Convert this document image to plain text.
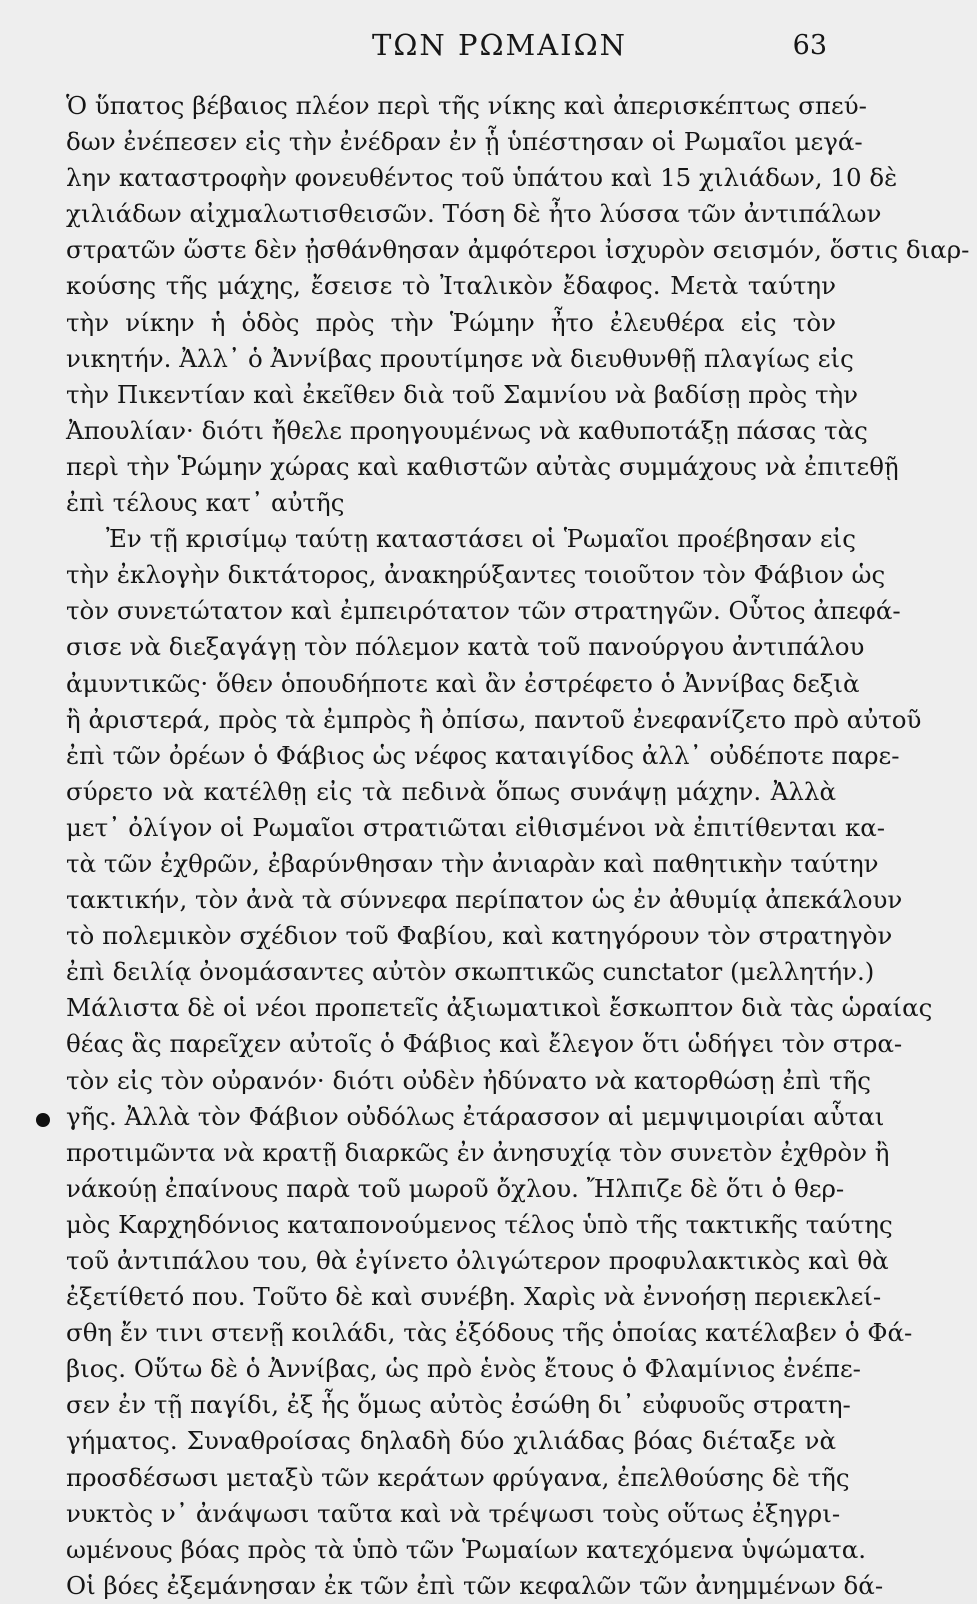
ΤΩΝ ΡΩΜΑΙΩΝ	63
Ὁ ὕπατος βέβαιος πλέον περὶ τῆς νίκης καὶ ἀπερισκέπτως σπεύ-
δων ἐνέπεσεν εἰς τὴν ἐνέδραν ἐν ᾗ ὑπέστησαν οἱ Ρωμαῖοι μεγά-
λην καταστροφὴν φονευθέντος τοῦ ὑπάτου καὶ 15 χιλιάδων, 10 δὲ
χιλιάδων αἰχμαλωτισθεισῶν. Τόση δὲ ἦτο λύσσα τῶν ἀντιπάλων
στρατῶν ὥστε δὲν ᾐσθάνθησαν ἀμφότεροι ἰσχυρὸν σεισμόν, ὅστις διαρ-
κούσης τῆς μάχης, ἔσεισε τὸ Ἰταλικὸν ἔδαφος. Μετὰ ταύτην
τὴν νίκην ἡ ὁδὸς πρὸς τὴν Ῥώμην ἦτο ἐλευθέρα εἰς τὸν
νικητήν. Ἀλλ᾽ ὁ Ἀννίβας προυτίμησε νὰ διευθυνθῇ πλαγίως εἰς
τὴν Πικεντίαν καὶ ἐκεῖθεν διὰ τοῦ Σαμνίου νὰ βαδίσῃ πρὸς τὴν
Ἀπουλίαν· διότι ἤθελε προηγουμένως νὰ καθυποτάξῃ πάσας τὰς
περὶ τὴν Ῥώμην χώρας καὶ καθιστῶν αὐτὰς συμμάχους νὰ ἐπιτεθῇ
ἐπὶ τέλους κατ᾽ αὐτῆς
Ἐν τῇ κρισίμῳ ταύτῃ καταστάσει οἱ Ῥωμαῖοι προέβησαν εἰς
τὴν ἐκλογὴν δικτάτορος, ἀνακηρύξαντες τοιοῦτον τὸν Φάβιον ὡς
τὸν συνετώτατον καὶ ἐμπειρότατον τῶν στρατηγῶν. Οὗτος ἀπεφά-
σισε νὰ διεξαγάγῃ τὸν πόλεμον κατὰ τοῦ πανούργου ἀντιπάλου
ἀμυντικῶς· ὅθεν ὁπουδήποτε καὶ ἂν ἐστρέφετο ὁ Ἀννίβας δεξιὰ
ἢ ἀριστερά, πρὸς τὰ ἐμπρὸς ἢ ὀπίσω, παντοῦ ἐνεφανίζετο πρὸ αὐτοῦ
ἐπὶ τῶν ὀρέων ὁ Φάβιος ὡς νέφος καταιγίδος ἀλλ᾽ οὐδέποτε παρε-
σύρετο νὰ κατέλθῃ εἰς τὰ πεδινὰ ὅπως συνάψῃ μάχην. Ἀλλὰ
μετ᾽ ὀλίγον οἱ Ρωμαῖοι στρατιῶται εἰθισμένοι νὰ ἐπιτίθενται κα-
τὰ τῶν ἐχθρῶν, ἐβαρύνθησαν τὴν ἀνιαρὰν καὶ παθητικὴν ταύτην
τακτικήν, τὸν ἀνὰ τὰ σύννεφα περίπατον ὡς ἐν ἀθυμίᾳ ἀπεκάλουν
τὸ πολεμικὸν σχέδιον τοῦ Φαβίου, καὶ κατηγόρουν τὸν στρατηγὸν
ἐπὶ δειλίᾳ ὀνομάσαντες αὐτὸν σκωπτικῶς cunctator (μελλητήν.)
Μάλιστα δὲ οἱ νέοι προπετεῖς ἀξιωματικοὶ ἔσκωπτον διὰ τὰς ὡραίας
θέας ἃς παρεῖχεν αὐτοῖς ὁ Φάβιος καὶ ἔλεγον ὅτι ὡδήγει τὸν στρα-
τὸν εἰς τὸν οὐρανόν· διότι οὐδὲν ἠδύνατο νὰ κατορθώσῃ ἐπὶ τῆς
γῆς. Ἀλλὰ τὸν Φάβιον οὐδόλως ἐτάρασσον αἱ μεμψιμοιρίαι αὗται
προτιμῶντα νὰ κρατῇ διαρκῶς ἐν ἀνησυχίᾳ τὸν συνετὸν ἐχθρὸν ἢ
νάκούῃ ἐπαίνους παρὰ τοῦ μωροῦ ὄχλου. Ἤλπιζε δὲ ὅτι ὁ θερ-
μὸς Καρχηδόνιος καταπονούμενος τέλος ὑπὸ τῆς τακτικῆς ταύτης
τοῦ ἀντιπάλου του, θὰ ἐγίνετο ὀλιγώτερον προφυλακτικὸς καὶ θὰ
ἐξετίθετό που. Τοῦτο δὲ καὶ συνέβη. Χαρὶς νὰ ἐννοήσῃ περιεκλεί-
σθη ἔν τινι στενῇ κοιλάδι, τὰς ἐξόδους τῆς ὁποίας κατέλαβεν ὁ Φά-
βιος. Οὕτω δὲ ὁ Ἀννίβας, ὡς πρὸ ἑνὸς ἔτους ὁ Φλαμίνιος ἐνέπε-
σεν ἐν τῇ παγίδι, ἐξ ἧς ὅμως αὐτὸς ἐσώθη δι᾽ εὐφυοῦς στρατη-
γήματος. Συναθροίσας δηλαδὴ δύο χιλιάδας βόας διέταξε νὰ
προσδέσωσι μεταξὺ τῶν κεράτων φρύγανα, ἐπελθούσης δὲ τῆς
νυκτὸς ν᾽ ἀνάψωσι ταῦτα καὶ νὰ τρέψωσι τοὺς οὕτως ἐξηγρι-
ωμένους βόας πρὸς τὰ ὑπὸ τῶν Ῥωμαίων κατεχόμενα ὑψώματα.
Οἱ βόες ἐξεμάνησαν ἐκ τῶν ἐπὶ τῶν κεφαλῶν τῶν ἀνημμένων δά-
